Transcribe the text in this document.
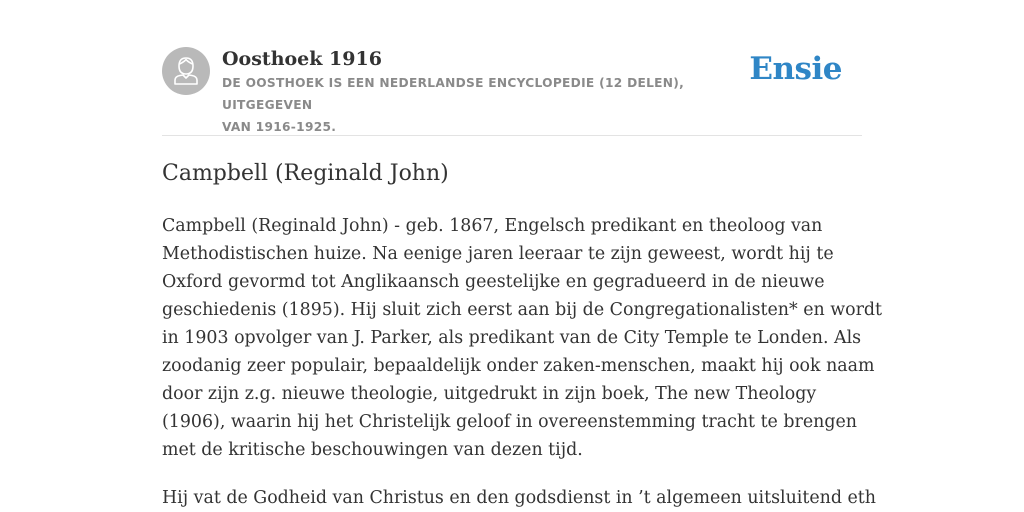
Oosthoek 1916
DE OOSTHOEK IS EEN NEDERLANDSE ENCYCLOPEDIE (12 DELEN), UITGEGEVEN
VAN 1916-1925.
Ensie
Campbell (Reginald John)

Campbell (Reginald John) - geb. 1867, Engelsch predikant en theoloog van
Methodistischen huize. Na eenige jaren leeraar te zijn geweest, wordt hij te
Oxford gevormd tot Anglikaansch geestelijke en gegradueerd in de nieuwe
geschiedenis (1895). Hij sluit zich eerst aan bij de Congregationalisten* en wordt
in 1903 opvolger van J. Parker, als predikant van de City Temple te Londen. Als
zoodanig zeer populair, bepaaldelijk onder zaken-menschen, maakt hij ook naam
door zijn z.g. nieuwe theologie, uitgedrukt in zijn boek, The new Theology
(1906), waarin hij het Christelijk geloof in overeenstemming tracht te brengen
met de kritische beschouwingen van dezen tijd.

Hij vat de Godheid van Christus en den godsdienst in ’t algemeen uitsluitend eth
